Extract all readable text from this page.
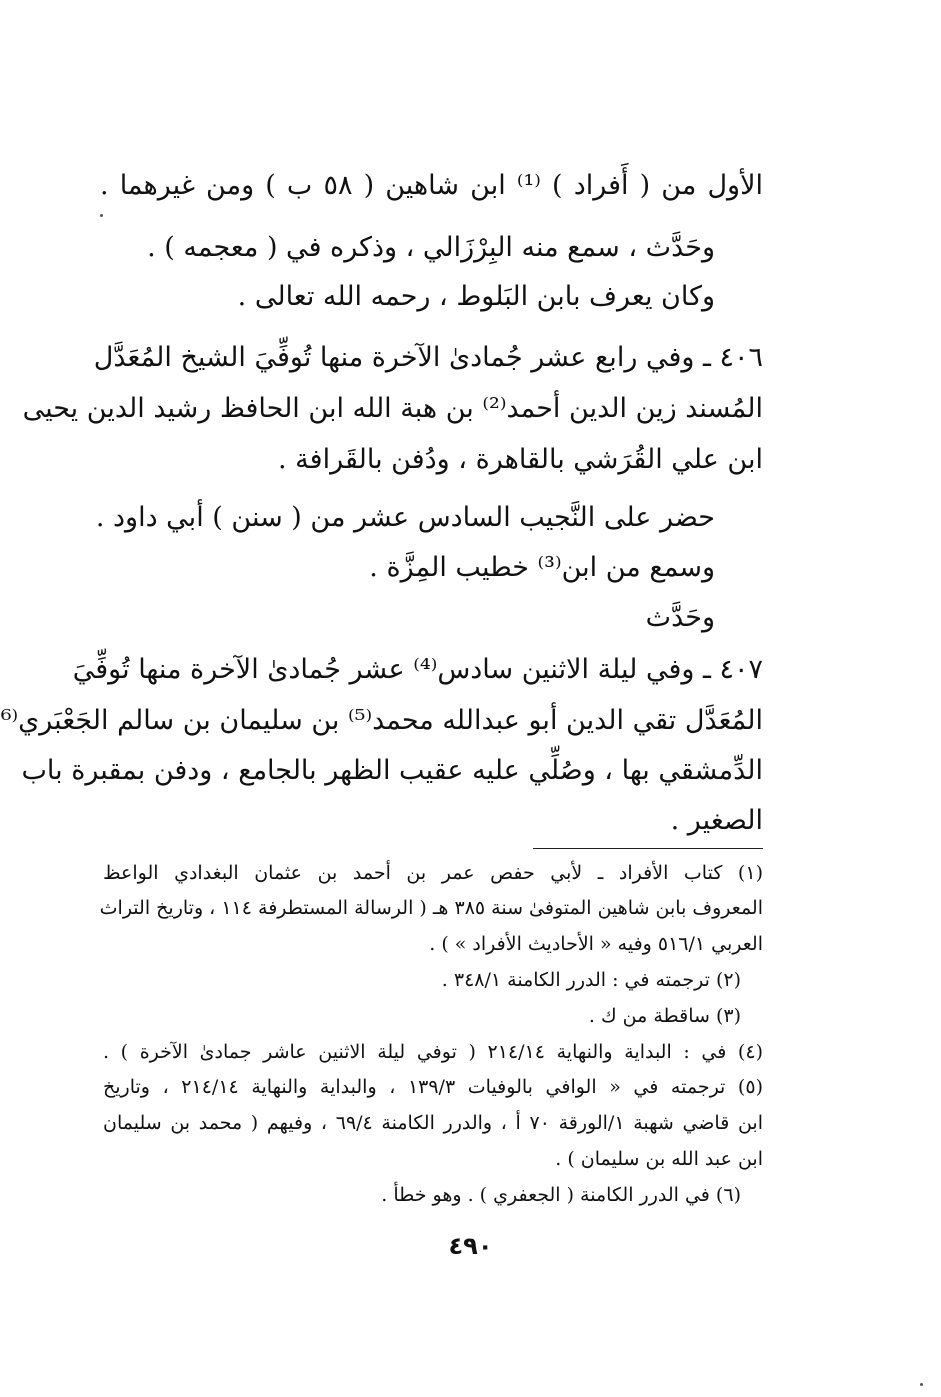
الأول من ( أَفراد ) ⁽¹⁾ ابن شاهين ( ٥٨ ب ) ومن غيرهما .
وحَدَّث ، سمع منه البِرْزَالي ، وذكره في ( معجمه ) .
وكان يعرف بابن البَلوط ، رحمه الله تعالى .
٤٠٦ ـ وفي رابع عشر جُمادىٰ الآخرة منها تُوفِّيَ الشيخ المُعَدَّل
المُسند زين الدين أحمد⁽²⁾ بن هبة الله ابن الحافظ رشيد الدين يحيى
ابن علي القُرَشي بالقاهرة ، ودُفن بالقَرافة .
حضر على النَّجيب السادس عشر من ( سنن ) أبي داود .
وسمع من ابن⁽³⁾ خطيب المِزَّة .
وحَدَّث
٤٠٧ ـ وفي ليلة الاثنين سادس⁽⁴⁾ عشر جُمادىٰ الآخرة منها تُوفِّيَ
المُعَدَّل تقي الدين أبو عبدالله محمد⁽⁵⁾ بن سليمان بن سالم الجَعْبَري⁽⁶
الدِّمشقي بها ، وصُلِّي عليه عقيب الظهر بالجامع ، ودفن بمقبرة باب
الصغير .
(١) كتاب الأفراد ـ لأبي حفص عمر بن أحمد بن عثمان البغدادي الواعظ
المعروف بابن شاهين المتوفىٰ سنة ٣٨٥ هـ ( الرسالة المستطرفة ١١٤ ، وتاريخ التراث
العربي ٥١٦/١ وفيه « الأحاديث الأفراد » ) .
(٢) ترجمته في : الدرر الكامنة ٣٤٨/١ .
(٣) ساقطة من ك .
(٤) في : البداية والنهاية ٢١٤/١٤ ( توفي ليلة الاثنين عاشر جمادىٰ الآخرة ) .
(٥) ترجمته في « الوافي بالوفيات ١٣٩/٣ ، والبداية والنهاية ٢١٤/١٤ ، وتاريخ
ابن قاضي شهبة ١/الورقة ٧٠ أ ، والدرر الكامنة ٦٩/٤ ، وفيهم ( محمد بن سليمان
ابن عبد الله بن سليمان ) .
(٦) في الدرر الكامنة ( الجعفري ) . وهو خطأ .
٤٩٠
